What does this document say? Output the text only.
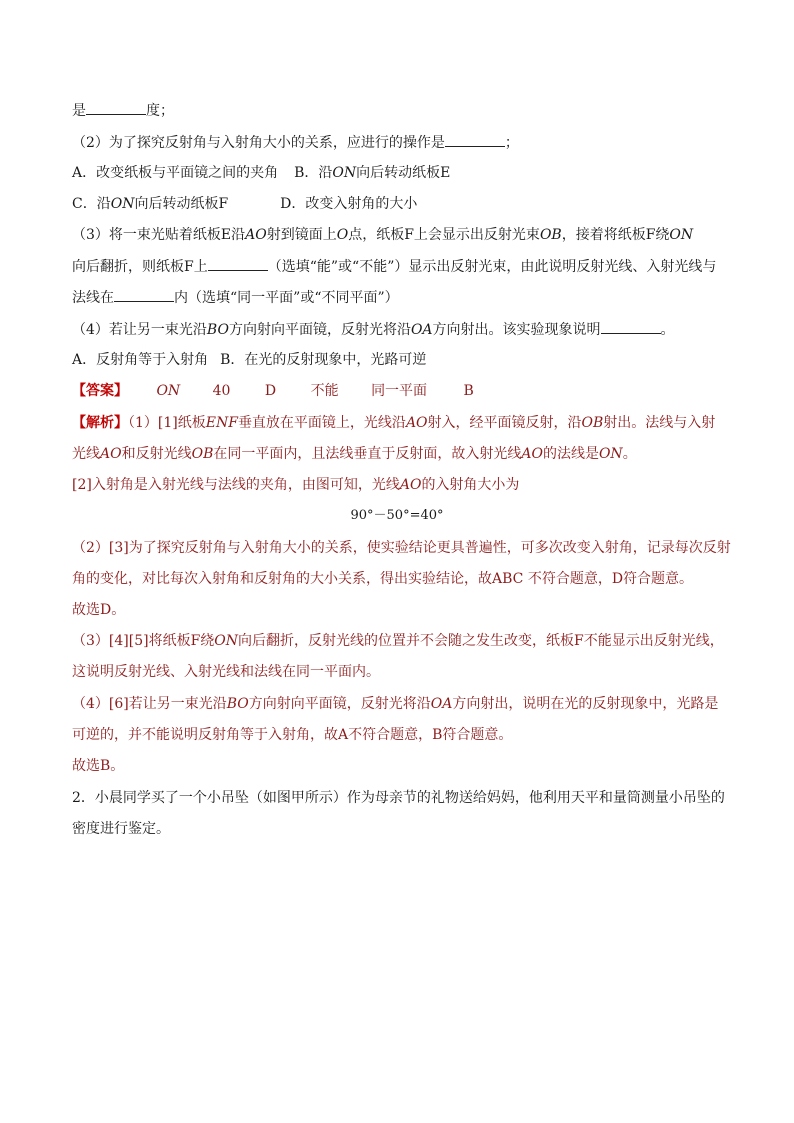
是	度；
（2）为了探究反射角与入射角大小的关系，应进行的操作是	；
A．改变纸板与平面镜之间的夹角 B．沿ON向后转动纸板E
C．沿ON向后转动纸板F	D．改变入射角的大小
（3）将一束光贴着纸板E沿AO射到镜面上O点，纸板F上会显示出反射光束OB，接着将纸板F绕ON
向后翻折，则纸板F上	（选填“能”或“不能”）显示出反射光束，由此说明反射光线、入射光线与
法线在	内（选填“同一平面”或“不同平面”）
（4）若让另一束光沿BO方向射向平面镜，反射光将沿OA方向射出。该实验现象说明	。
A．反射角等于入射角 B．在光的反射现象中，光路可逆
【答案】 ON 40 D 不能 同一平面	B
【解析】（1）[1]纸板ENF垂直放在平面镜上，光线沿AO射入，经平面镜反射，沿OB射出。法线与入射
光线AO和反射光线OB在同一平面内，且法线垂直于反射面，故入射光线AO的法线是ON。
[2]入射角是入射光线与法线的夹角，由图可知，光线AO的入射角大小为
90°－50°=40°
（2）[3]为了探究反射角与入射角大小的关系，使实验结论更具普遍性，可多次改变入射角，记录每次反射
角的变化，对比每次入射角和反射角的大小关系，得出实验结论，故ABC 不符合题意，D符合题意。
故选D。
（3）[4][5]将纸板F绕ON向后翻折，反射光线的位置并不会随之发生改变，纸板F不能显示出反射光线，
这说明反射光线、入射光线和法线在同一平面内。
（4）[6]若让另一束光沿BO方向射向平面镜，反射光将沿OA方向射出，说明在光的反射现象中，光路是
可逆的，并不能说明反射角等于入射角，故A不符合题意，B符合题意。
故选B。
2．小晨同学买了一个小吊坠（如图甲所示）作为母亲节的礼物送给妈妈，他利用天平和量筒测量小吊坠的
密度进行鉴定。
